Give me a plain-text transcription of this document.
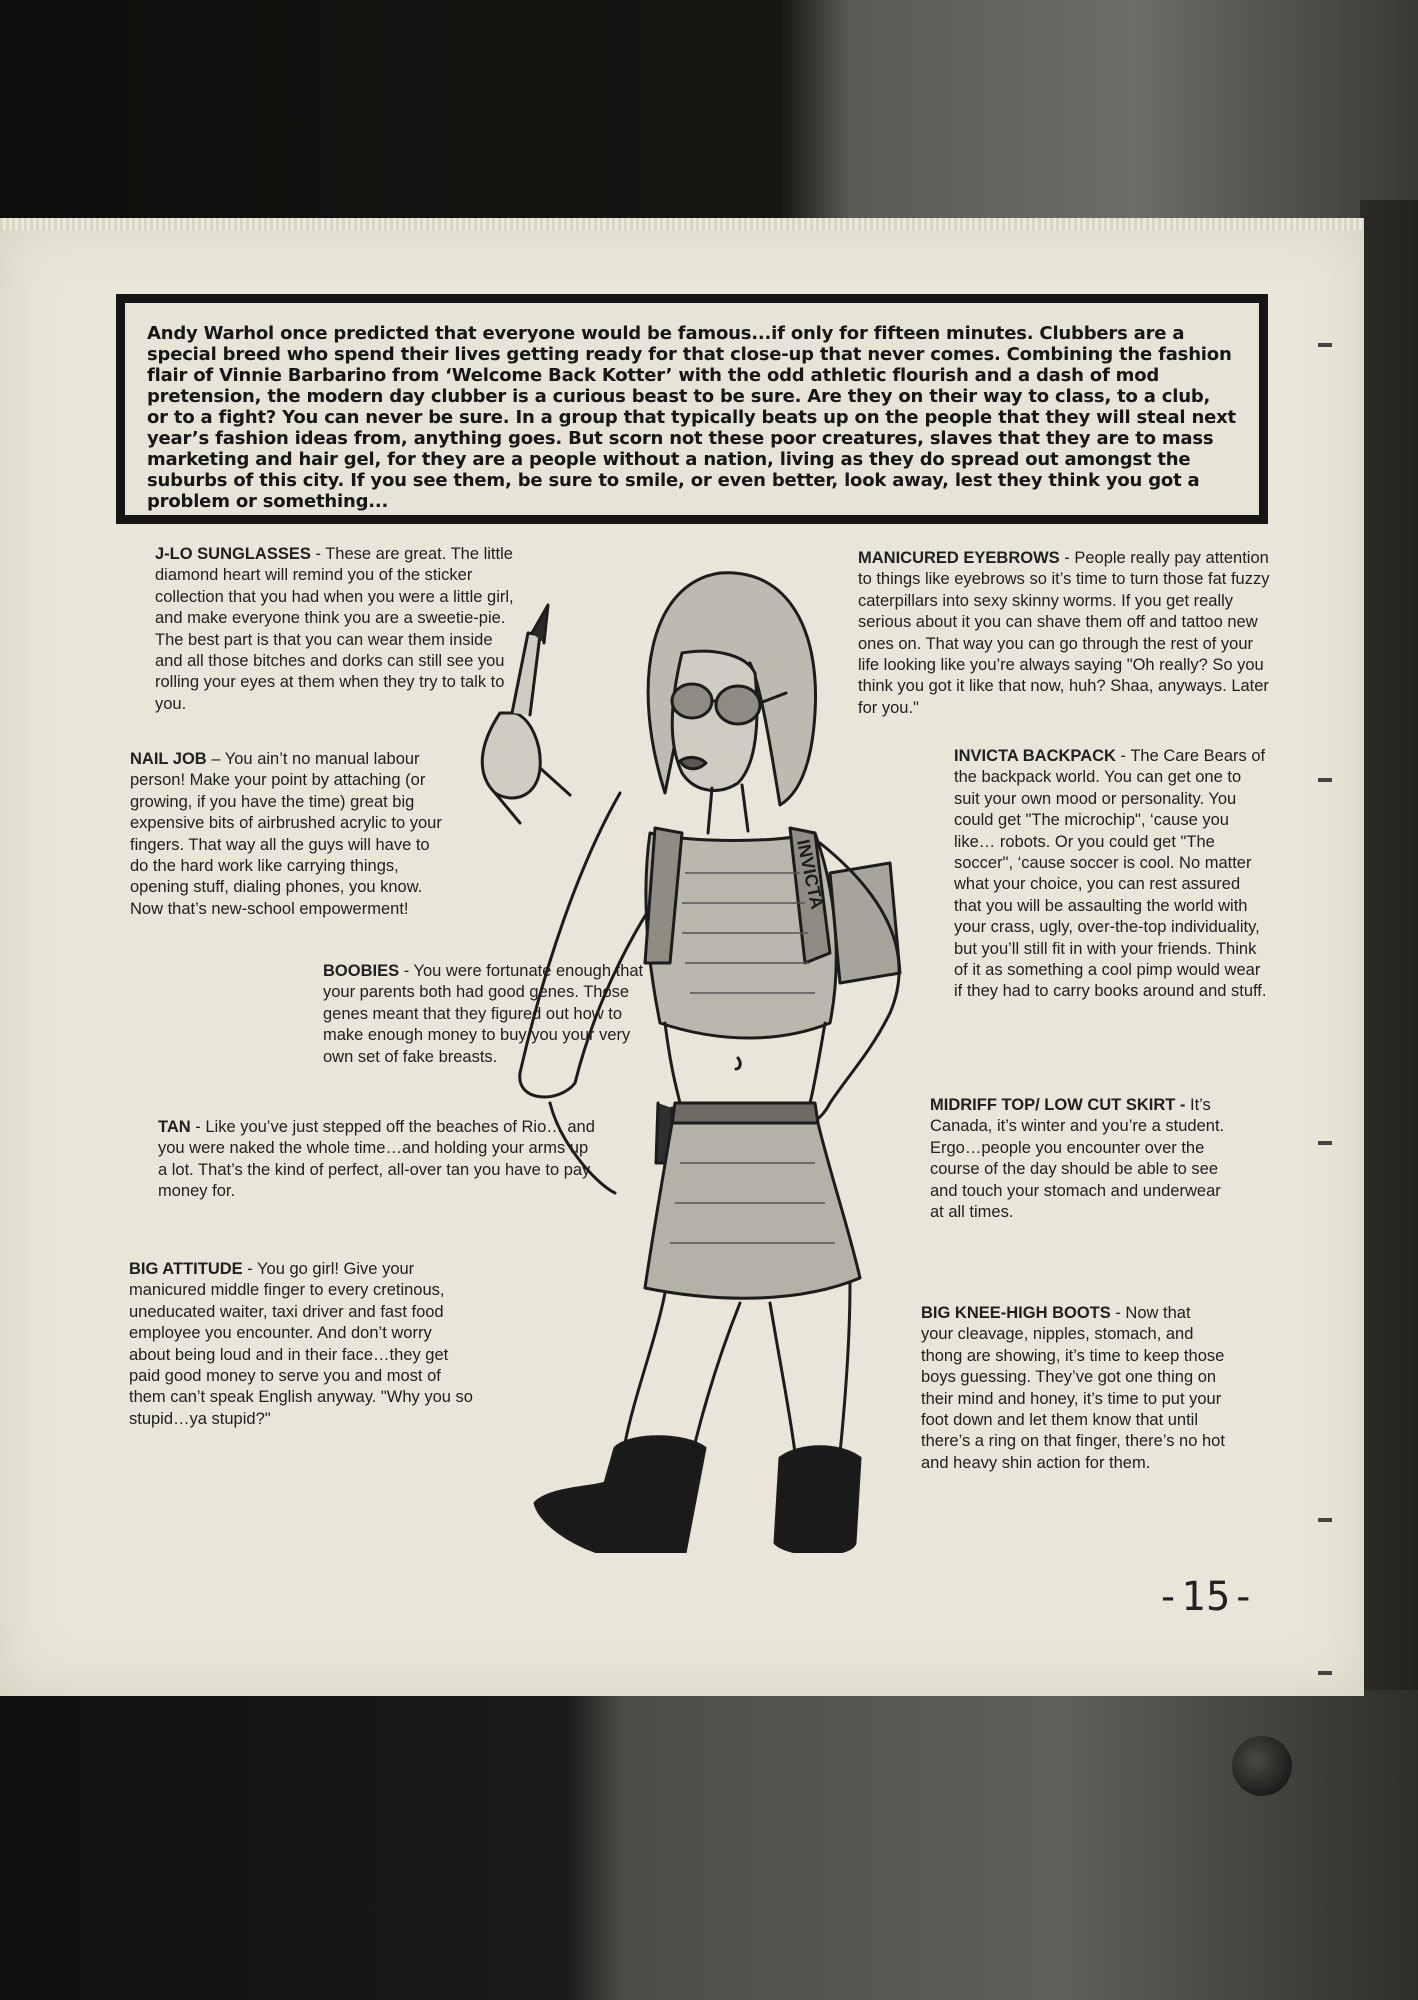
Andy Warhol once predicted that everyone would be famous...if only for fifteen minutes. Clubbers are a special breed who spend their lives getting ready for that close-up that never comes. Combining the fashion flair of Vinnie Barbarino from ‘Welcome Back Kotter’ with the odd athletic flourish and a dash of mod pretension, the modern day clubber is a curious beast to be sure. Are they on their way to class, to a club, or to a fight? You can never be sure. In a group that typically beats up on the people that they will steal next year’s fashion ideas from, anything goes. But scorn not these poor creatures, slaves that they are to mass marketing and hair gel, for they are a people without a nation, living as they do spread out amongst the suburbs of this city. If you see them, be sure to smile, or even better, look away, lest they think you got a problem or something...

J-LO SUNGLASSES - These are great. The little diamond heart will remind you of the sticker collection that you had when you were a little girl, and make everyone think you are a sweetie-pie. The best part is that you can wear them inside and all those bitches and dorks can still see you rolling your eyes at them when they try to talk to you.

NAIL JOB – You ain’t no manual labour person! Make your point by attaching (or growing, if you have the time) great big expensive bits of airbrushed acrylic to your fingers. That way all the guys will have to do the hard work like carrying things, opening stuff, dialing phones, you know. Now that’s new-school empowerment!

BOOBIES - You were fortunate enough that your parents both had good genes. Those genes meant that they figured out how to make enough money to buy you your very own set of fake breasts.

TAN - Like you’ve just stepped off the beaches of Rio… and you were naked the whole time…and holding your arms up a lot. That’s the kind of perfect, all-over tan you have to pay money for.

BIG ATTITUDE - You go girl! Give your manicured middle finger to every cretinous, uneducated waiter, taxi driver and fast food employee you encounter. And don’t worry about being loud and in their face…they get paid good money to serve you and most of them can’t speak English anyway. "Why you so stupid…ya stupid?"

MANICURED EYEBROWS - People really pay attention to things like eyebrows so it’s time to turn those fat fuzzy caterpillars into sexy skinny worms. If you get really serious about it you can shave them off and tattoo new ones on. That way you can go through the rest of your life looking like you’re always saying "Oh really? So you think you got it like that now, huh? Shaa, anyways. Later for you."

INVICTA BACKPACK - The Care Bears of the backpack world. You can get one to suit your own mood or personality. You could get "The microchip", ‘cause you like… robots. Or you could get "The soccer", ‘cause soccer is cool. No matter what your choice, you can rest assured that you will be assaulting the world with your crass, ugly, over-the-top individuality, but you’ll still fit in with your friends. Think of it as something a cool pimp would wear if they had to carry books around and stuff.

MIDRIFF TOP/ LOW CUT SKIRT - It’s Canada, it’s winter and you’re a student. Ergo…people you encounter over the course of the day should be able to see and touch your stomach and underwear at all times.

BIG KNEE-HIGH BOOTS - Now that your cleavage, nipples, stomach, and thong are showing, it’s time to keep those boys guessing. They’ve got one thing on their mind and honey, it’s time to put your foot down and let them know that until there’s a ring on that finger, there’s no hot and heavy shin action for them.

INVICTA

-15-
